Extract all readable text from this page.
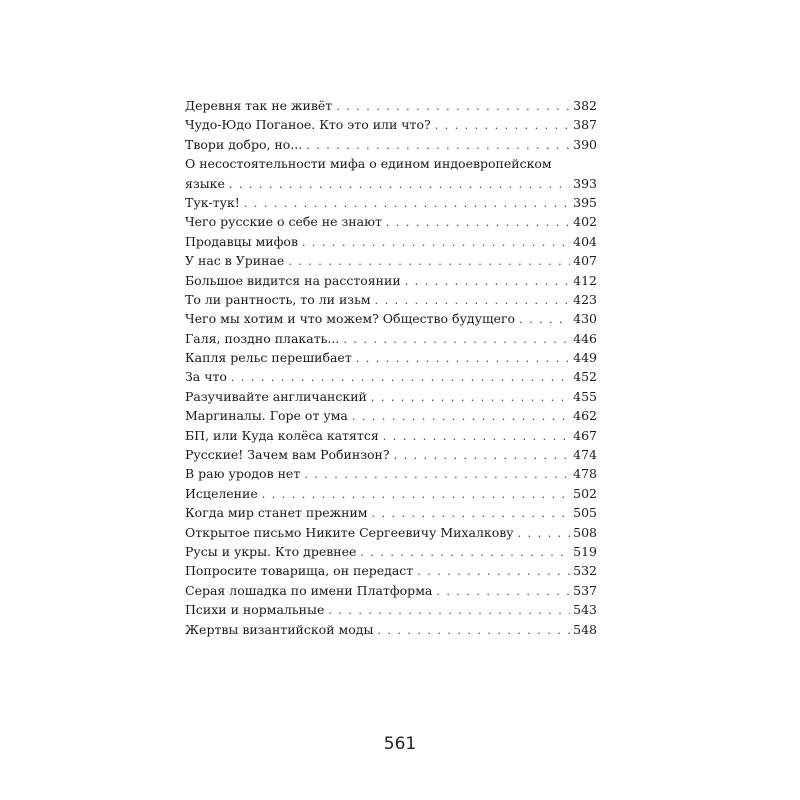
Деревня так не живёт . . .	382
Чудо-Юдо Поганое. Кто это или что? . . .	387
Твори добро, но... . . .	390
О несостоятельности мифа о едином индоевропейском
языке . . .	393
Тук-тук! . . .	395
Чего русские о себе не знают . . .	402
Продавцы мифов . . .	404
У нас в Уринае . . .	407
Большое видится на расстоянии . . .	412
То ли рантность, то ли изьм . . .	423
Чего мы хотим и что можем? Общество будущего . . .	430
Галя, поздно плакать... . . .	446
Капля рельс перешибает . . .	449
За что . . .	452
Разучивайте англичанский . . .	455
Маргиналы. Горе от ума . . .	462
БП, или Куда колёса катятся . . .	467
Русские! Зачем вам Робинзон? . . .	474
В раю уродов нет . . .	478
Исцеление . . .	502
Когда мир станет прежним . . .	505
Открытое письмо Никите Сергеевичу Михалкову . . .	508
Русы и укры. Кто древнее . . .	519
Попросите товарища, он передаст . . .	532
Серая лошадка по имени Платформа . . .	537
Психи и нормальные . . .	543
Жертвы византийской моды . . .	548
561
